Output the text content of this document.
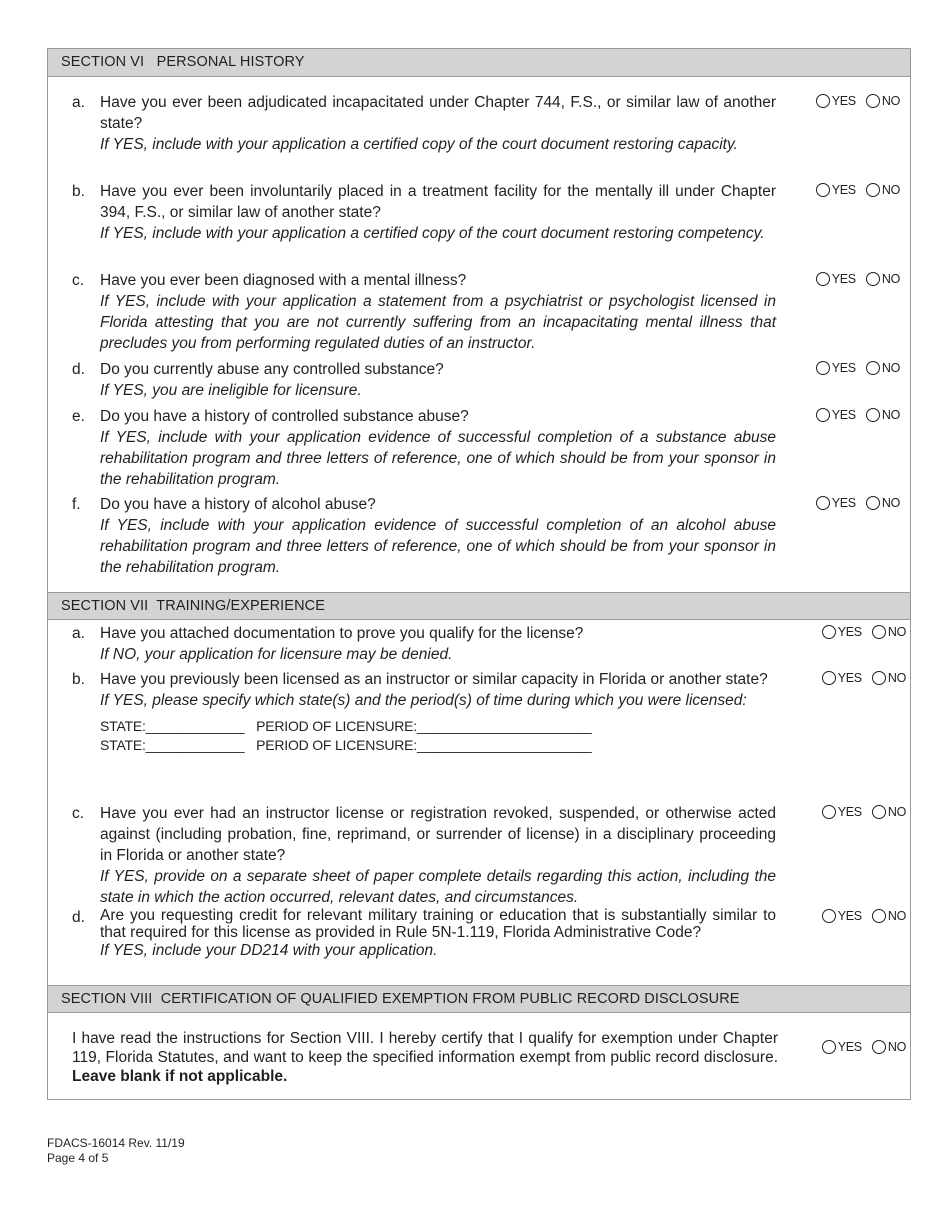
SECTION VI   PERSONAL HISTORY
a. Have you ever been adjudicated incapacitated under Chapter 744, F.S., or similar law of another state?
If YES, include with your application a certified copy of the court document restoring capacity.
YES NO
b. Have you ever been involuntarily placed in a treatment facility for the mentally ill under Chapter 394, F.S., or similar law of another state?
If YES, include with your application a certified copy of the court document restoring competency.
YES NO
c. Have you ever been diagnosed with a mental illness?
If YES, include with your application a statement from a psychiatrist or psychologist licensed in Florida attesting that you are not currently suffering from an incapacitating mental illness that precludes you from performing regulated duties of an instructor.
YES NO
d. Do you currently abuse any controlled substance?
If YES, you are ineligible for licensure.
YES NO
e. Do you have a history of controlled substance abuse?
If YES, include with your application evidence of successful completion of a substance abuse rehabilitation program and three letters of reference, one of which should be from your sponsor in the rehabilitation program.
YES NO
f. Do you have a history of alcohol abuse?
If YES, include with your application evidence of successful completion of an alcohol abuse rehabilitation program and three letters of reference, one of which should be from your sponsor in the rehabilitation program.
YES NO
SECTION VII  TRAINING/EXPERIENCE
a. Have you attached documentation to prove you qualify for the license?
If NO, your application for licensure may be denied.
YES NO
b. Have you previously been licensed as an instructor or similar capacity in Florida or another state?
If YES, please specify which state(s) and the period(s) of time during which you were licensed:
STATE:_____________ PERIOD OF LICENSURE:_______________________
STATE:_____________ PERIOD OF LICENSURE:_______________________
YES NO
c. Have you ever had an instructor license or registration revoked, suspended, or otherwise acted against (including probation, fine, reprimand, or surrender of license) in a disciplinary proceeding in Florida or another state?
If YES, provide on a separate sheet of paper complete details regarding this action, including the state in which the action occurred, relevant dates, and circumstances.
YES NO
d. Are you requesting credit for relevant military training or education that is substantially similar to that required for this license as provided in Rule 5N-1.119, Florida Administrative Code?
If YES, include your DD214 with your application.
YES NO
SECTION VIII  CERTIFICATION OF QUALIFIED EXEMPTION FROM PUBLIC RECORD DISCLOSURE
I have read the instructions for Section VIII. I hereby certify that I qualify for exemption under Chapter 119, Florida Statutes, and want to keep the specified information exempt from public record disclosure. Leave blank if not applicable.
YES NO
FDACS-16014 Rev. 11/19
Page 4 of 5
